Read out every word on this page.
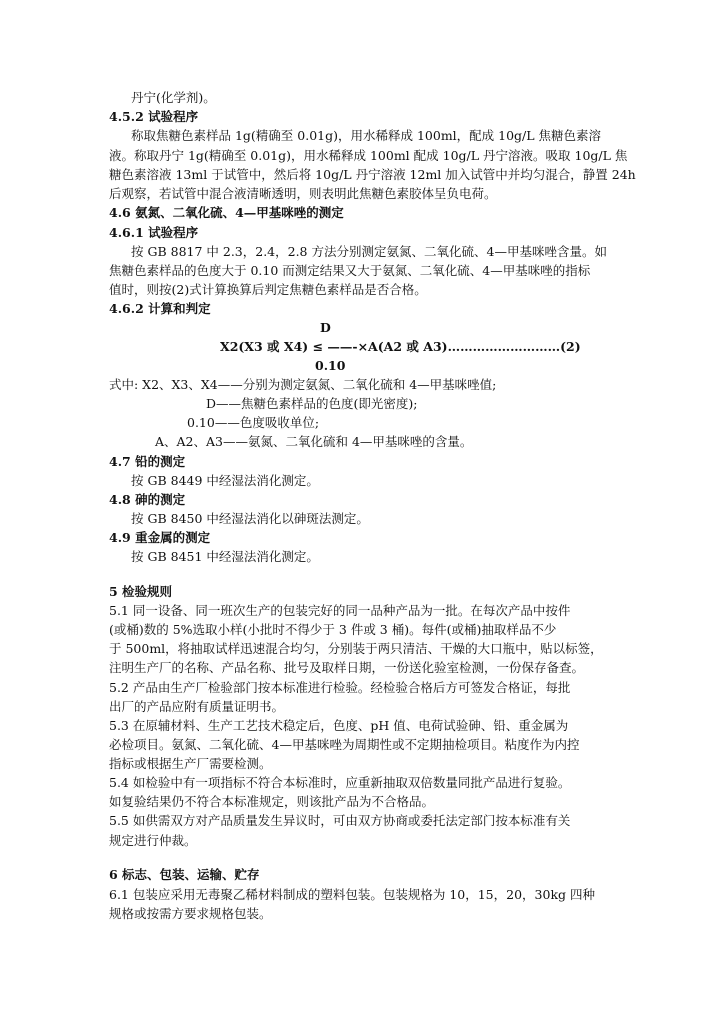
丹宁(化学剂)。
4.5.2 试验程序
称取焦糖色素样品 1g(精确至 0.01g)，用水稀释成 100ml，配成 10g/L 焦糖色素溶
液。称取丹宁 1g(精确至 0.01g)，用水稀释成 100ml 配成 10g/L 丹宁溶液。吸取 10g/L 焦
糖色素溶液 13ml 于试管中，然后将 10g/L 丹宁溶液 12ml 加入试管中并均匀混合，静置 24h
后观察，若试管中混合液清晰透明，则表明此焦糖色素胶体呈负电荷。
4.6 氨氮、二氧化硫、4—甲基咪唑的测定
4.6.1 试验程序
按 GB 8817 中 2.3，2.4，2.8 方法分别测定氨氮、二氧化硫、4—甲基咪唑含量。如
焦糖色素样品的色度大于 0.10 而测定结果又大于氨氮、二氧化硫、4—甲基咪唑的指标
值时，则按(2)式计算换算后判定焦糖色素样品是否合格。
4.6.2 计算和判定
D
X2(X3 或 X4) ≤ ——-×A(A2 或 A3)………………………(2)
0.10
式中: X2、X3、X4——分别为测定氨氮、二氧化硫和 4—甲基咪唑值;
D——焦糖色素样品的色度(即光密度);
0.10——色度吸收单位;
A、A2、A3——氨氮、二氧化硫和 4—甲基咪唑的含量。
4.7 铅的测定
按 GB 8449 中经湿法消化测定。
4.8 砷的测定
按 GB 8450 中经湿法消化以砷斑法测定。
4.9 重金属的测定
按 GB 8451 中经湿法消化测定。
5 检验规则
5.1 同一设备、同一班次生产的包装完好的同一品种产品为一批。在每次产品中按件
(或桶)数的 5%选取小样(小批时不得少于 3 件或 3 桶)。每件(或桶)抽取样品不少
于 500ml，将抽取试样迅速混合均匀，分别装于两只清洁、干燥的大口瓶中，贴以标签，
注明生产厂的名称、产品名称、批号及取样日期，一份送化验室检测，一份保存备查。
5.2 产品由生产厂检验部门按本标准进行检验。经检验合格后方可签发合格证，每批
出厂的产品应附有质量证明书。
5.3 在原辅材料、生产工艺技术稳定后，色度、pH 值、电荷试验砷、铅、重金属为
必检项目。氨氮、二氧化硫、4—甲基咪唑为周期性或不定期抽检项目。粘度作为内控
指标或根据生产厂需要检测。
5.4 如检验中有一项指标不符合本标准时，应重新抽取双倍数量同批产品进行复验。
如复验结果仍不符合本标准规定，则该批产品为不合格品。
5.5 如供需双方对产品质量发生异议时，可由双方协商或委托法定部门按本标准有关
规定进行仲裁。
6 标志、包装、运输、贮存
6.1 包装应采用无毒聚乙稀材料制成的塑料包装。包装规格为 10，15，20，30kg 四种
规格或按需方要求规格包装。
